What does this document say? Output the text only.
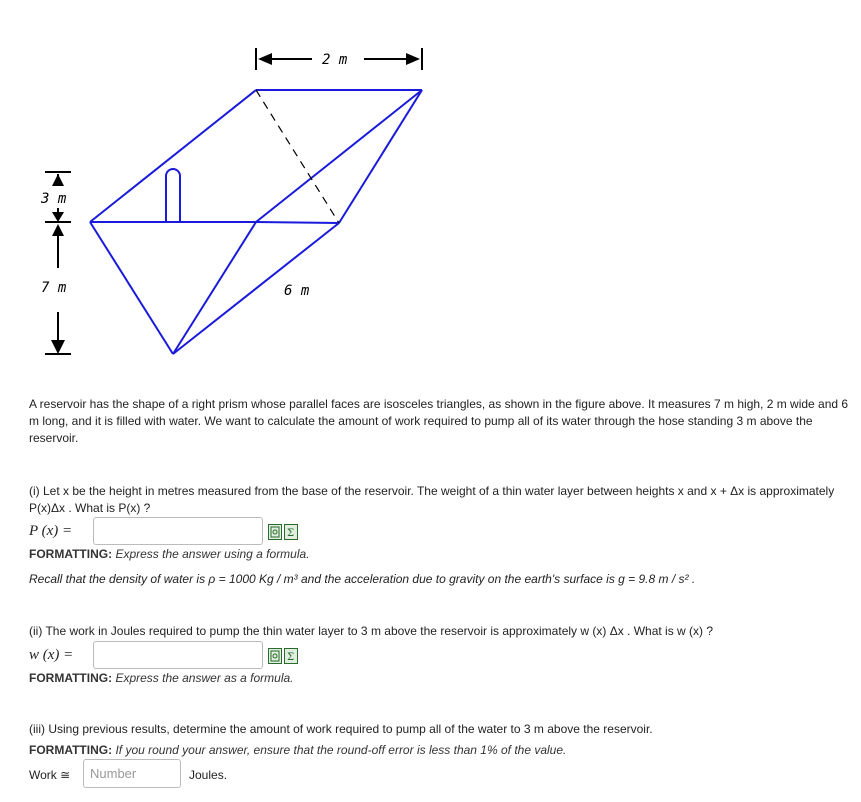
2 m
3 m
7 m	6 m
A reservoir has the shape of a right prism whose parallel faces are isosceles triangles, as shown in the figure above. It measures 7 m high, 2 m wide and 6
m long, and it is filled with water. We want to calculate the amount of work required to pump all of its water through the hose standing 3 m above the
reservoir.
(i) Let x be the height in metres measured from the base of the reservoir. The weight of a thin water layer between heights x and x + Δx is approximately
P(x)Δx . What is P(x) ?
P (x) =	Σ
FORMATTING: Express the answer using a formula.
Recall that the density of water is ρ = 1000 Kg / m³ and the acceleration due to gravity on the earth's surface is g = 9.8 m / s² .
(ii) The work in Joules required to pump the thin water layer to 3 m above the reservoir is approximately w (x) Δx . What is w (x) ?
w (x) =	Σ
FORMATTING: Express the answer as a formula.
(iii) Using previous results, determine the amount of work required to pump all of the water to 3 m above the reservoir.
FORMATTING: If you round your answer, ensure that the round-off error is less than 1% of the value.
Work ≅
Number	Joules.
